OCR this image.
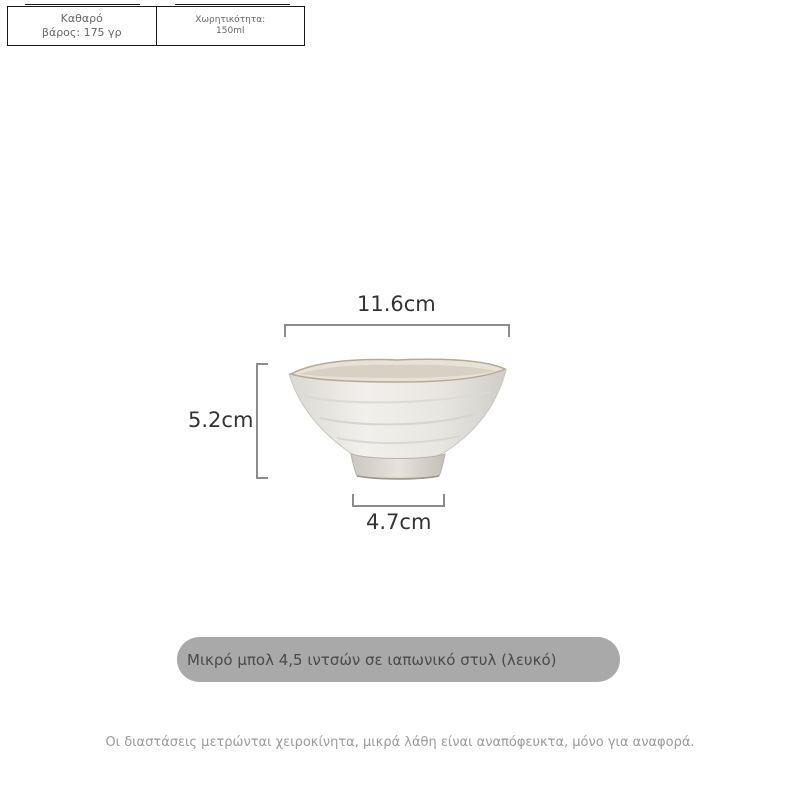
Καθαρό
βάρος: 175 γρ
Χωρητικότητα:
150ml
11.6cm
5.2cm
4.7cm
Μικρό μπολ 4,5 ιντσών σε ιαπωνικό στυλ (λευκό)
Οι διαστάσεις μετρώνται χειροκίνητα, μικρά λάθη είναι αναπόφευκτα, μόνο για αναφορά.
